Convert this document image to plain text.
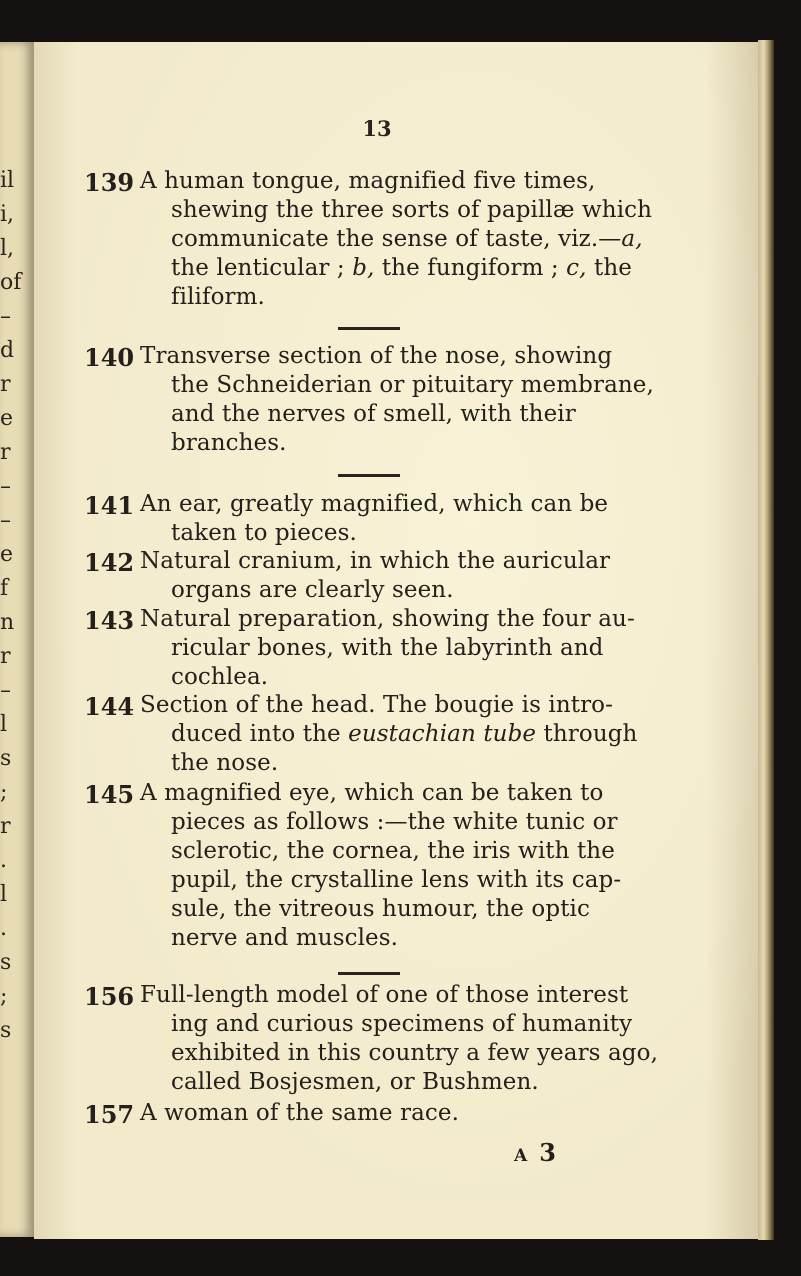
il
i,
l,
of
–
d
r
e
r
–
–
e
f
n
r
–
l
s
;
r
.
l
.
s
;
s
13
139 A human tongue, magnified five times,
shewing the three sorts of papillæ which
communicate the sense of taste, viz.—a,
the lenticular ; b, the fungiform ; c, the
filiform.
140 Transverse section of the nose, showing
the Schneiderian or pituitary membrane,
and the nerves of smell, with their
branches.
141 An ear, greatly magnified, which can be
taken to pieces.
142 Natural cranium, in which the auricular
organs are clearly seen.
143 Natural preparation, showing the four au-
ricular bones, with the labyrinth and
cochlea.
144 Section of the head. The bougie is intro-
duced into the eustachian tube through
the nose.
145 A magnified eye, which can be taken to
pieces as follows :—the white tunic or
sclerotic, the cornea, the iris with the
pupil, the crystalline lens with its cap-
sule, the vitreous humour, the optic
nerve and muscles.
156 Full-length model of one of those interest
ing and curious specimens of humanity
exhibited in this country a few years ago,
called Bosjesmen, or Bushmen.
157 A woman of the same race.
A 3
